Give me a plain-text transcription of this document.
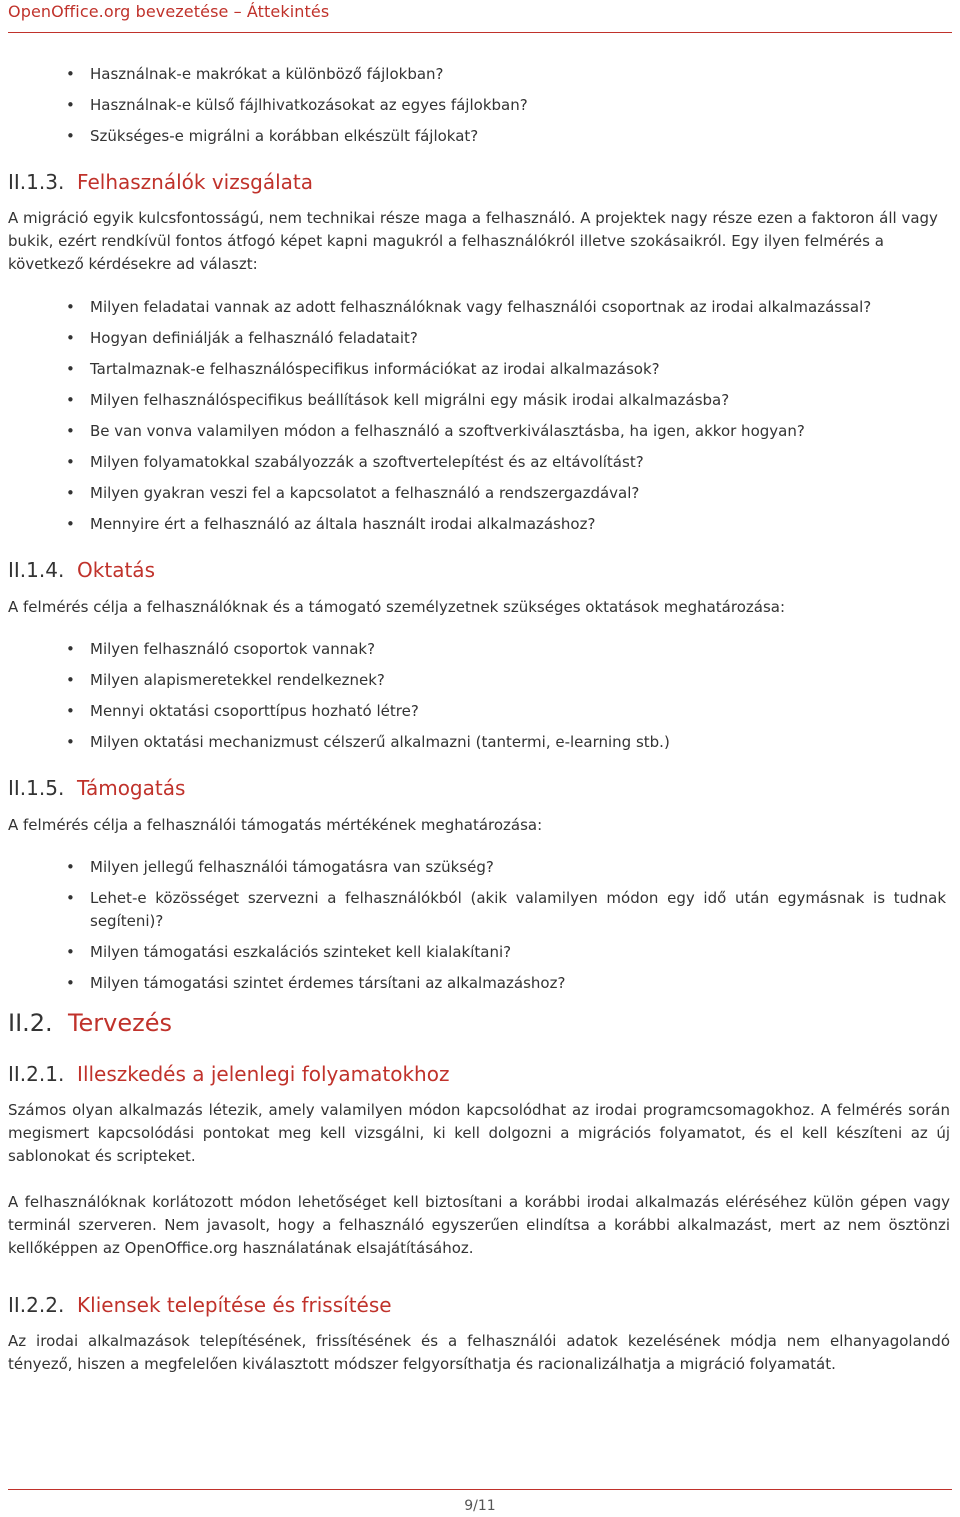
OpenOffice.org bevezetése – Áttekintés
• Használnak-e makrókat a különböző fájlokban?
• Használnak-e külső fájlhivatkozásokat az egyes fájlokban?
• Szükséges-e migrálni a korábban elkészült fájlokat?
II.1.3. Felhasználók vizsgálata

A migráció egyik kulcsfontosságú, nem technikai része maga a felhasználó. A projektek nagy része ezen a faktoron áll vagy bukik, ezért rendkívül fontos átfogó képet kapni magukról a felhasználókról illetve szokásaikról. Egy ilyen felmérés a következő kérdésekre ad választ:

• Milyen feladatai vannak az adott felhasználóknak vagy felhasználói csoportnak az irodai alkalmazással?
• Hogyan definiálják a felhasználó feladatait?
• Tartalmaznak-e felhasználóspecifikus információkat az irodai alkalmazások?
• Milyen felhasználóspecifikus beállítások kell migrálni egy másik irodai alkalmazásba?
• Be van vonva valamilyen módon a felhasználó a szoftverkiválasztásba, ha igen, akkor hogyan?
• Milyen folyamatokkal szabályozzák a szoftvertelepítést és az eltávolítást?
• Milyen gyakran veszi fel a kapcsolatot a felhasználó a rendszergazdával?
• Mennyire ért a felhasználó az általa használt irodai alkalmazáshoz?
II.1.4. Oktatás

A felmérés célja a felhasználóknak és a támogató személyzetnek szükséges oktatások meghatározása:

• Milyen felhasználó csoportok vannak?
• Milyen alapismeretekkel rendelkeznek?
• Mennyi oktatási csoporttípus hozható létre?
• Milyen oktatási mechanizmust célszerű alkalmazni (tantermi, e-learning stb.)
II.1.5. Támogatás

A felmérés célja a felhasználói támogatás mértékének meghatározása:

• Milyen jellegű felhasználói támogatásra van szükség?
• Lehet-e közösséget szervezni a felhasználókból (akik valamilyen módon egy idő után egymásnak is tudnak segíteni)?
• Milyen támogatási eszkalációs szinteket kell kialakítani?
• Milyen támogatási szintet érdemes társítani az alkalmazáshoz?
II.2. Tervezés
II.2.1. Illeszkedés a jelenlegi folyamatokhoz

Számos olyan alkalmazás létezik, amely valamilyen módon kapcsolódhat az irodai programcsomagokhoz. A felmérés során megismert kapcsolódási pontokat meg kell vizsgálni, ki kell dolgozni a migrációs folyamatot, és el kell készíteni az új sablonokat és scripteket.

A felhasználóknak korlátozott módon lehetőséget kell biztosítani a korábbi irodai alkalmazás eléréséhez külön gépen vagy terminál szerveren. Nem javasolt, hogy a felhasználó egyszerűen elindítsa a korábbi alkalmazást, mert az nem ösztönzi kellőképpen az OpenOffice.org használatának elsajátításához.

II.2.2. Kliensek telepítése és frissítése

Az irodai alkalmazások telepítésének, frissítésének és a felhasználói adatok kezelésének módja nem elhanyagolandó tényező, hiszen a megfelelően kiválasztott módszer felgyorsíthatja és racionalizálhatja a migráció folyamatát.

9/11
